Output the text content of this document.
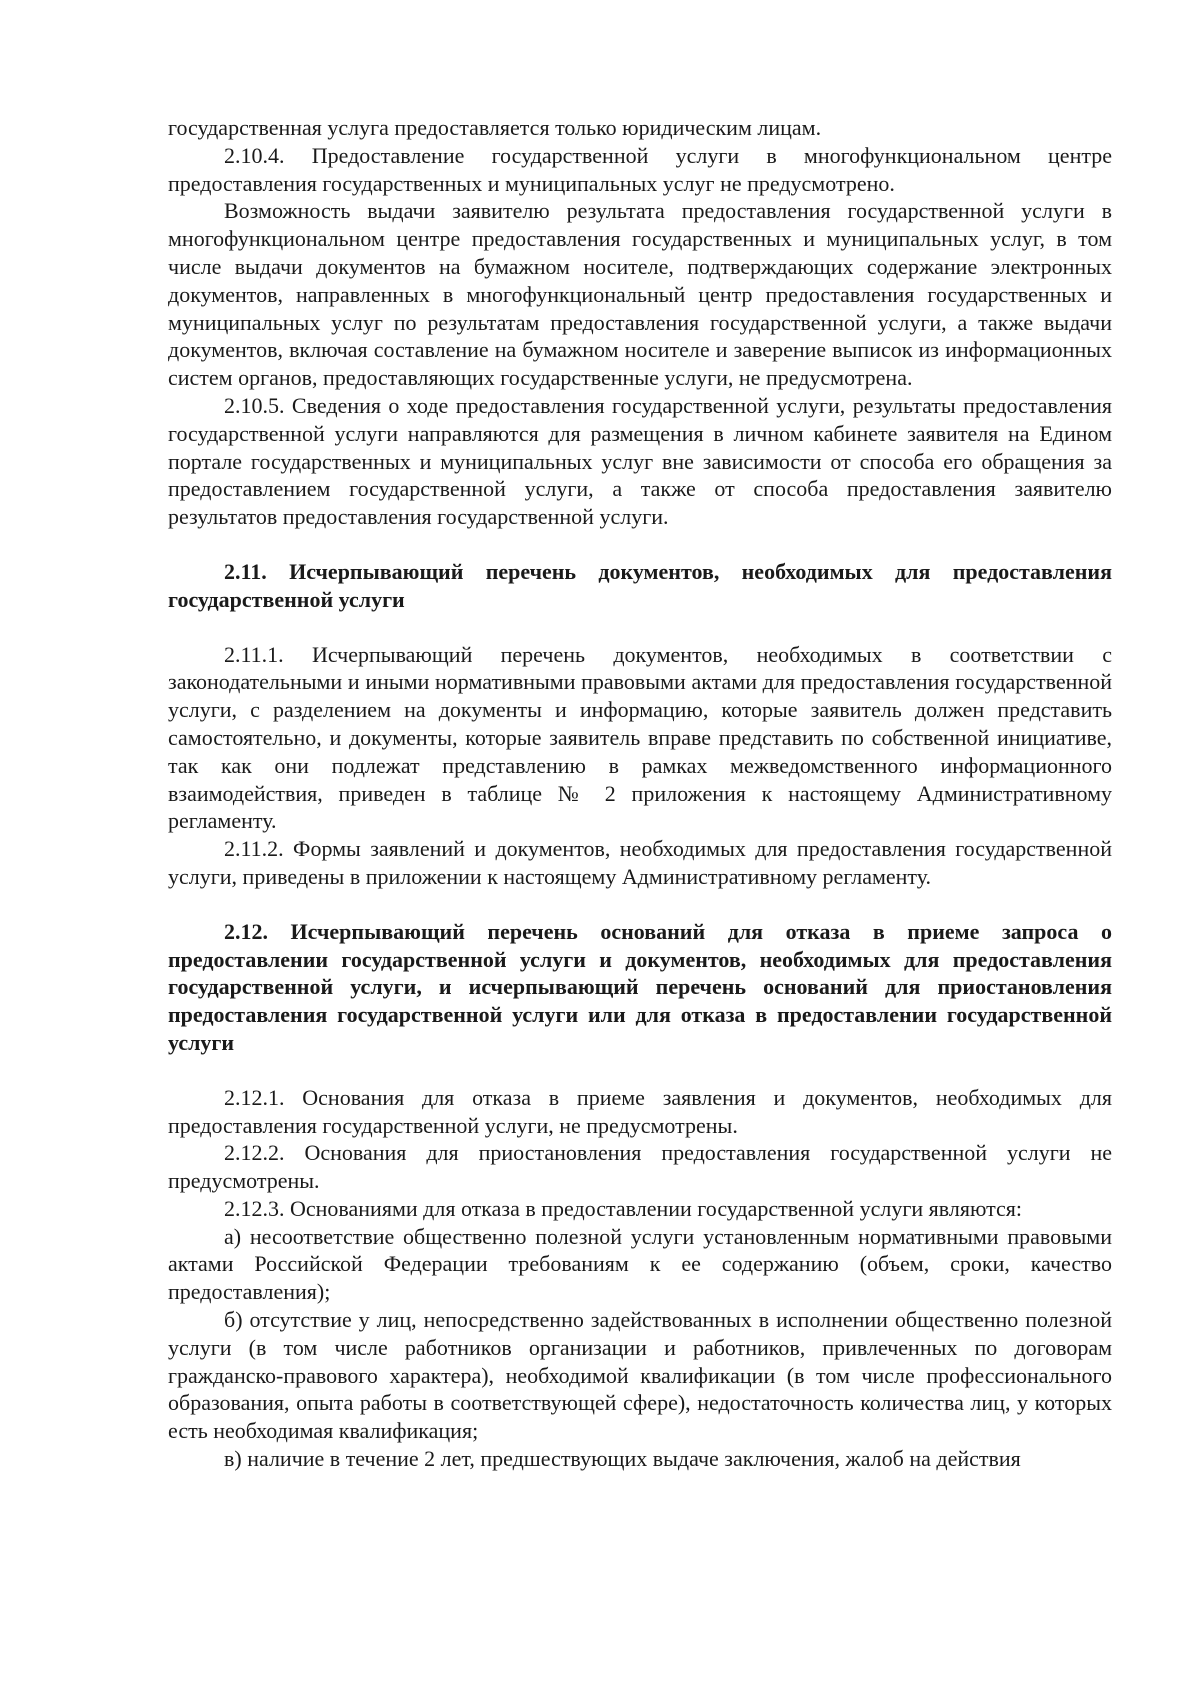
государственная услуга предоставляется только юридическим лицам.

2.10.4. Предоставление государственной услуги в многофункциональном центре предоставления государственных и муниципальных услуг не предусмотрено.

Возможность выдачи заявителю результата предоставления государственной услуги в многофункциональном центре предоставления государственных и муниципальных услуг, в том числе выдачи документов на бумажном носителе, подтверждающих содержание электронных документов, направленных в многофункциональный центр предоставления государственных и муниципальных услуг по результатам предоставления государственной услуги, а также выдачи документов, включая составление на бумажном носителе и заверение выписок из информационных систем органов, предоставляющих государственные услуги, не предусмотрена.

2.10.5. Сведения о ходе предоставления государственной услуги, результаты предоставления государственной услуги направляются для размещения в личном кабинете заявителя на Едином портале государственных и муниципальных услуг вне зависимости от способа его обращения за предоставлением государственной услуги, а также от способа предоставления заявителю результатов предоставления государственной услуги.

2.11. Исчерпывающий перечень документов, необходимых для предоставления государственной услуги

2.11.1. Исчерпывающий перечень документов, необходимых в соответствии с законодательными и иными нормативными правовыми актами для предоставления государственной услуги, с разделением на документы и информацию, которые заявитель должен представить самостоятельно, и документы, которые заявитель вправе представить по собственной инициативе, так как они подлежат представлению в рамках межведомственного информационного взаимодействия, приведен в таблице № 2 приложения к настоящему Административному регламенту.

2.11.2. Формы заявлений и документов, необходимых для предоставления государственной услуги, приведены в приложении к настоящему Административному регламенту.

2.12. Исчерпывающий перечень оснований для отказа в приеме запроса о предоставлении государственной услуги и документов, необходимых для предоставления государственной услуги, и исчерпывающий перечень оснований для приостановления предоставления государственной услуги или для отказа в предоставлении государственной услуги

2.12.1. Основания для отказа в приеме заявления и документов, необходимых для предоставления государственной услуги, не предусмотрены.

2.12.2. Основания для приостановления предоставления государственной услуги не предусмотрены.

2.12.3. Основаниями для отказа в предоставлении государственной услуги являются:

а) несоответствие общественно полезной услуги установленным нормативными правовыми актами Российской Федерации требованиям к ее содержанию (объем, сроки, качество предоставления);

б) отсутствие у лиц, непосредственно задействованных в исполнении общественно полезной услуги (в том числе работников организации и работников, привлеченных по договорам гражданско-правового характера), необходимой квалификации (в том числе профессионального образования, опыта работы в соответствующей сфере), недостаточность количества лиц, у которых есть необходимая квалификация;

в) наличие в течение 2 лет, предшествующих выдаче заключения, жалоб на действия
